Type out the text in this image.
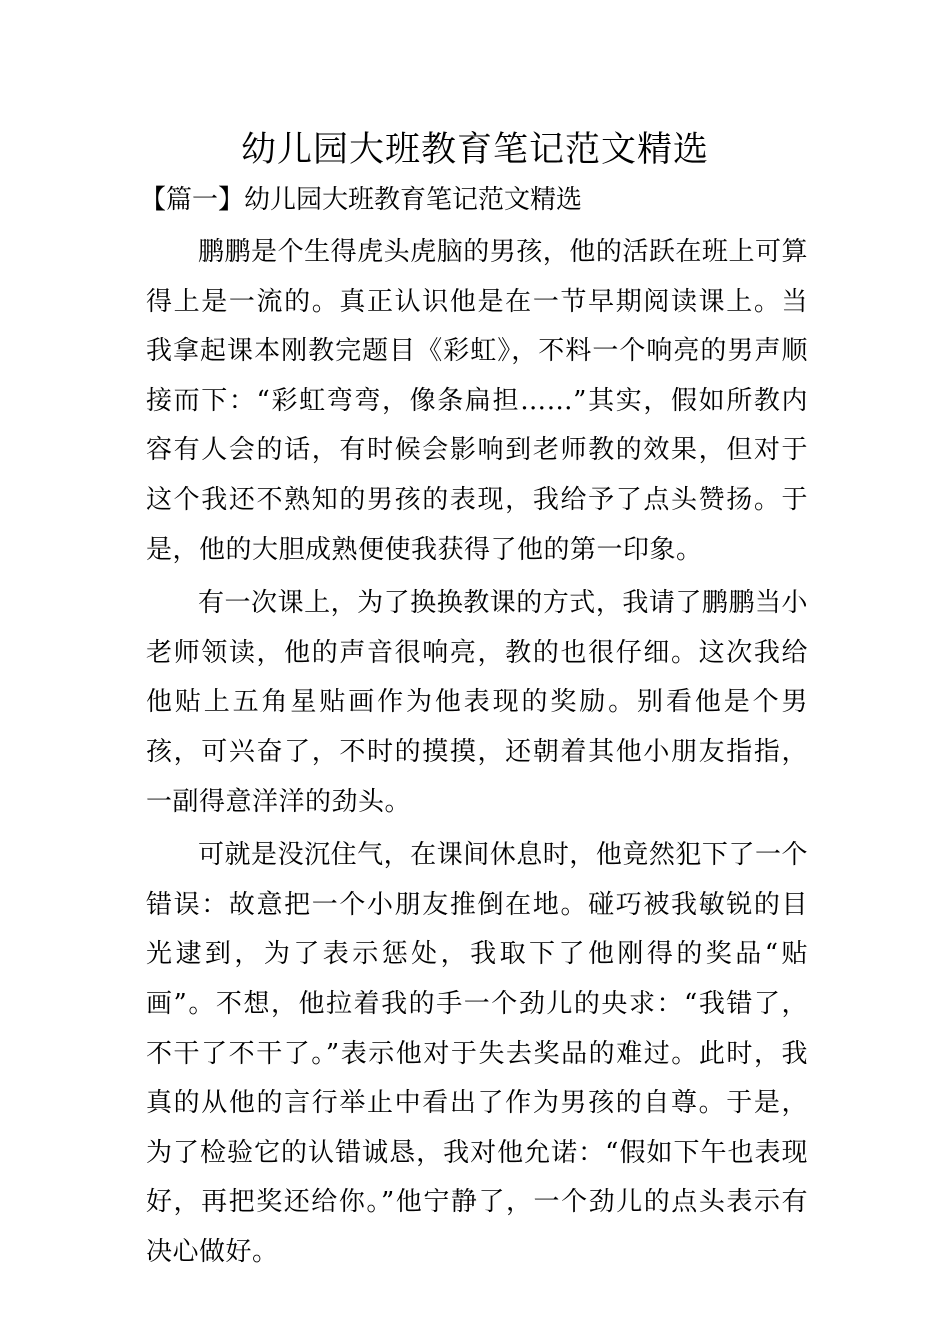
幼儿园大班教育笔记范文精选
【篇一】幼儿园大班教育笔记范文精选

鹏鹏是个生得虎头虎脑的男孩，他的活跃在班上可算得上是一流的。真正认识他是在一节早期阅读课上。当我拿起课本刚教完题目《彩虹》，不料一个响亮的男声顺接而下：“彩虹弯弯，像条扁担……”其实，假如所教内容有人会的话，有时候会影响到老师教的效果，但对于这个我还不熟知的男孩的表现，我给予了点头赞扬。于是，他的大胆成熟便使我获得了他的第一印象。

有一次课上，为了换换教课的方式，我请了鹏鹏当小老师领读，他的声音很响亮，教的也很仔细。这次我给他贴上五角星贴画作为他表现的奖励。别看他是个男孩，可兴奋了，不时的摸摸，还朝着其他小朋友指指，一副得意洋洋的劲头。

可就是没沉住气，在课间休息时，他竟然犯下了一个错误：故意把一个小朋友推倒在地。碰巧被我敏锐的目光逮到，为了表示惩处，我取下了他刚得的奖品“贴画”。不想，他拉着我的手一个劲儿的央求：“我错了，不干了不干了。”表示他对于失去奖品的难过。此时，我真的从他的言行举止中看出了作为男孩的自尊。于是，为了检验它的认错诚恳，我对他允诺：“假如下午也表现好，再把奖还给你。”他宁静了，一个劲儿的点头表示有决心做好。
